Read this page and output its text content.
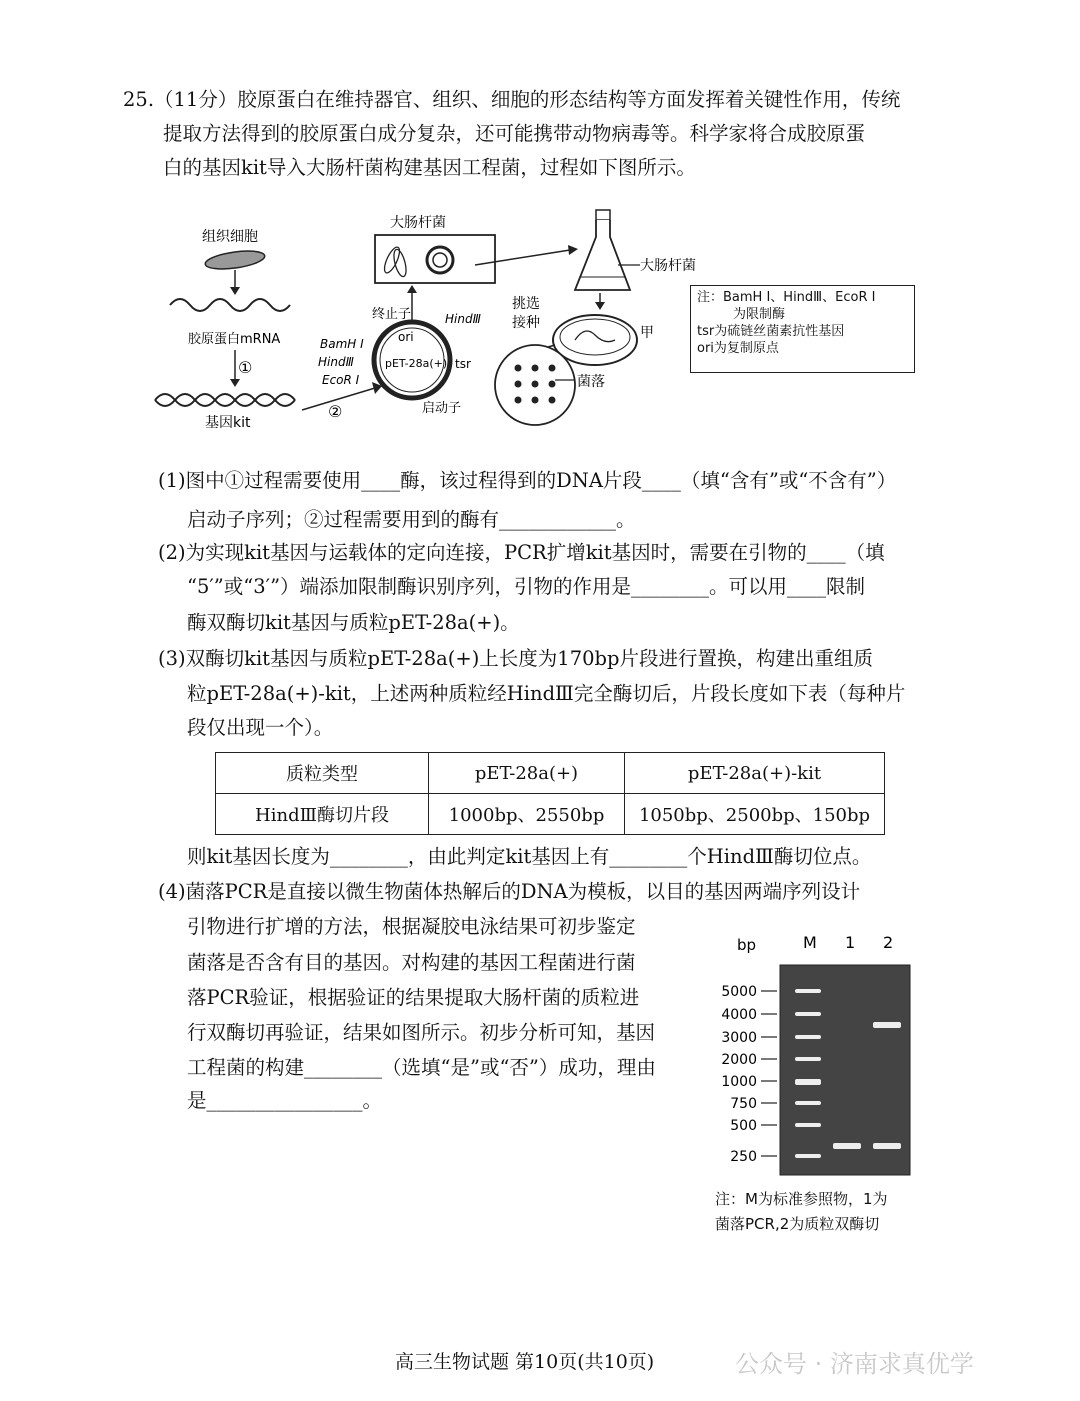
25.（11分）胶原蛋白在维持器官、组织、细胞的形态结构等方面发挥着关键性作用，传统
提取方法得到的胶原蛋白成分复杂，还可能携带动物病毒等。科学家将合成胶原蛋
白的基因kit导入大肠杆菌构建基因工程菌，过程如下图所示。
组织细胞
胶原蛋白mRNA
①
基因kit
②
大肠杆菌
ori
pET-28a(+)
终止子
BamH Ⅰ
HindⅢ
EcoR Ⅰ
HindⅢ
tsr
启动子
大肠杆菌
甲
挑选
接种
菌落
注：BamH Ⅰ、HindⅢ、EcoR Ⅰ
为限制酶
tsr为硫链丝菌素抗性基因
ori为复制原点
(1)图中①过程需要使用____酶，该过程得到的DNA片段____（填“含有”或“不含有”）
启动子序列；②过程需要用到的酶有____________。
(2)为实现kit基因与运载体的定向连接，PCR扩增kit基因时，需要在引物的____（填
“5′”或“3′”）端添加限制酶识别序列，引物的作用是________。可以用____限制
酶双酶切kit基因与质粒pET-28a(+)。
(3)双酶切kit基因与质粒pET-28a(+)上长度为170bp片段进行置换，构建出重组质
粒pET-28a(+)-kit，上述两种质粒经HindⅢ完全酶切后，片段长度如下表（每种片
段仅出现一个）。
质粒类型	pET-28a(+)	pET-28a(+)-kit
HindⅢ酶切片段	1000bp、2550bp	1050bp、2500bp、150bp
则kit基因长度为________，由此判定kit基因上有________个HindⅢ酶切位点。
(4)菌落PCR是直接以微生物菌体热解后的DNA为模板，以目的基因两端序列设计
引物进行扩增的方法，根据凝胶电泳结果可初步鉴定
菌落是否含有目的基因。对构建的基因工程菌进行菌
落PCR验证，根据验证的结果提取大肠杆菌的质粒进
行双酶切再验证，结果如图所示。初步分析可知，基因
工程菌的构建________（选填“是”或“否”）成功，理由
是________________。
bp	M 1 2
5000
4000
3000
2000
1000
750
500
250
注：M为标准参照物，1为
菌落PCR,2为质粒双酶切
高三生物试题 第10页(共10页)	公众号 · 济南求真优学
